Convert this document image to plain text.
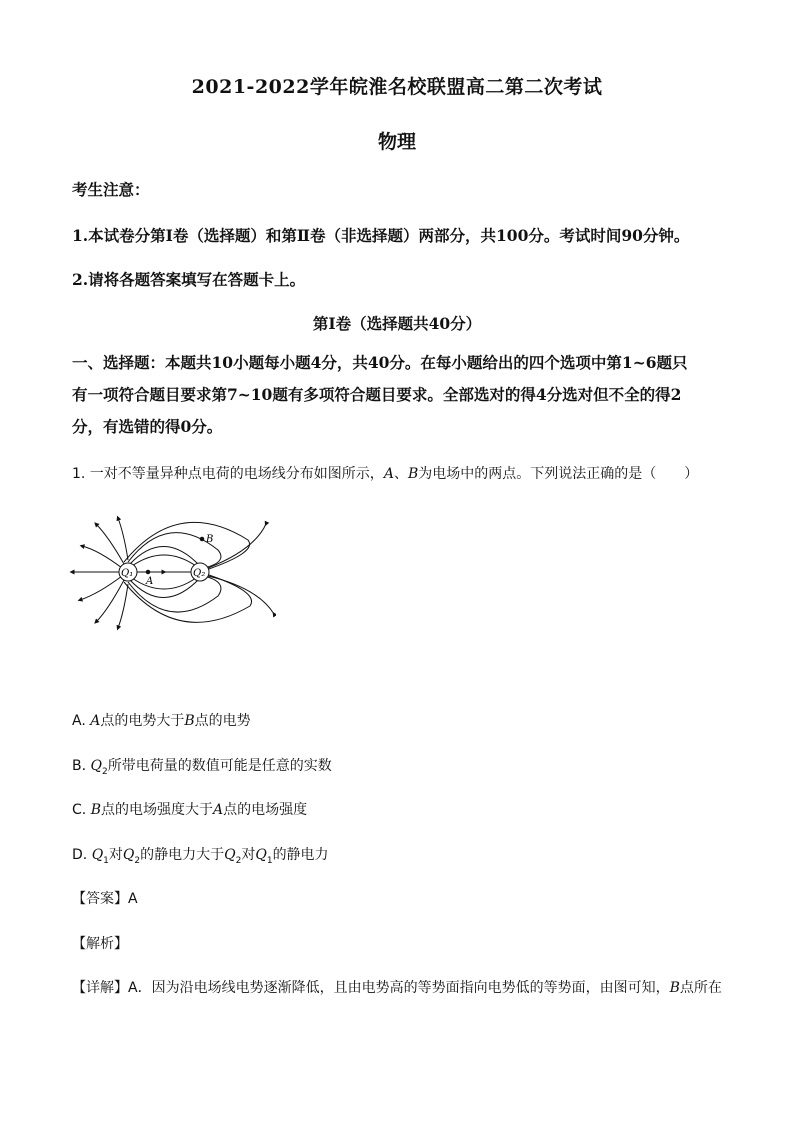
2021-2022学年皖淮名校联盟高二第二次考试
物理
考生注意：
1.本试卷分第Ⅰ卷（选择题）和第Ⅱ卷（非选择题）两部分，共100分。考试时间90分钟。
2.请将各题答案填写在答题卡上。
第Ⅰ卷（选择题共40分）
一、选择题：本题共10小题每小题4分，共40分。在每小题给出的四个选项中第1~6题只
有一项符合题目要求第7~10题有多项符合题目要求。全部选对的得4分选对但不全的得2
分，有选错的得0分。
1. 一对不等量异种点电荷的电场线分布如图所示，A、B为电场中的两点。下列说法正确的是（　　）
Q₁	Q₂
A
B
A. A点的电势大于B点的电势
B. $Q_2$所带电荷量的数值可能是任意的实数
C. B点的电场强度大于A点的电场强度
D. $Q_1$对$Q_2$的静电力大于$Q_2$对$Q_1$的静电力
【答案】A
【解析】
【详解】A．因为沿电场线电势逐渐降低，且由电势高的等势面指向电势低的等势面，由图可知，B点所在
